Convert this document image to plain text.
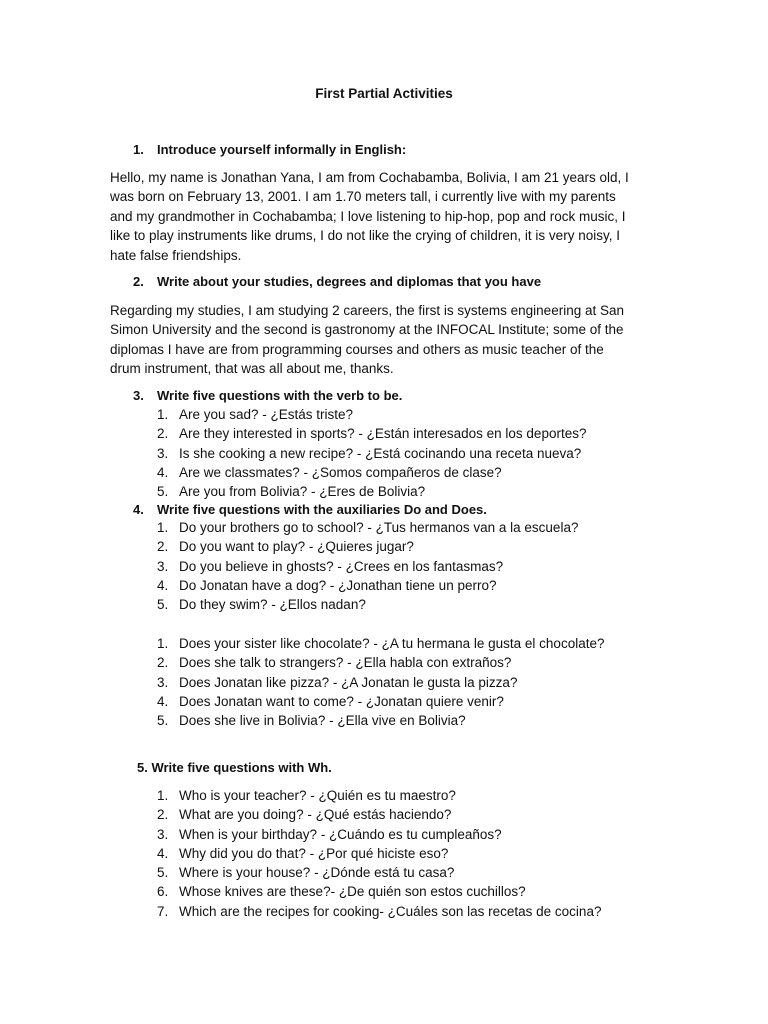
First Partial Activities
1. Introduce yourself informally in English:
Hello, my name is Jonathan Yana, I am from Cochabamba, Bolivia, I am 21 years old, I
was born on February 13, 2001. I am 1.70 meters tall, i currently live with my parents
and my grandmother in Cochabamba; I love listening to hip-hop, pop and rock music, I
like to play instruments like drums, I do not like the crying of children, it is very noisy, I
hate false friendships.
2. Write about your studies, degrees and diplomas that you have
Regarding my studies, I am studying 2 careers, the first is systems engineering at San
Simon University and the second is gastronomy at the INFOCAL Institute; some of the
diplomas I have are from programming courses and others as music teacher of the
drum instrument, that was all about me, thanks.
3. Write five questions with the verb to be.
1. Are you sad? - ¿Estás triste?
2. Are they interested in sports? - ¿Están interesados en los deportes?
3. Is she cooking a new recipe? - ¿Está cocinando una receta nueva?
4. Are we classmates? - ¿Somos compañeros de clase?
5. Are you from Bolivia? - ¿Eres de Bolivia?
4. Write five questions with the auxiliaries Do and Does.
1. Do your brothers go to school? - ¿Tus hermanos van a la escuela?
2. Do you want to play? - ¿Quieres jugar?
3. Do you believe in ghosts? - ¿Crees en los fantasmas?
4. Do Jonatan have a dog? - ¿Jonathan tiene un perro?
5. Do they swim? - ¿Ellos nadan?
1. Does your sister like chocolate? - ¿A tu hermana le gusta el chocolate?
2. Does she talk to strangers? - ¿Ella habla con extraños?
3. Does Jonatan like pizza? - ¿A Jonatan le gusta la pizza?
4. Does Jonatan want to come? - ¿Jonatan quiere venir?
5. Does she live in Bolivia? - ¿Ella vive en Bolivia?
5. Write five questions with Wh.
1. Who is your teacher? - ¿Quién es tu maestro?
2. What are you doing? - ¿Qué estás haciendo?
3. When is your birthday? - ¿Cuándo es tu cumpleaños?
4. Why did you do that? - ¿Por qué hiciste eso?
5. Where is your house? - ¿Dónde está tu casa?
6. Whose knives are these?- ¿De quién son estos cuchillos?
7. Which are the recipes for cooking- ¿Cuáles son las recetas de cocina?
